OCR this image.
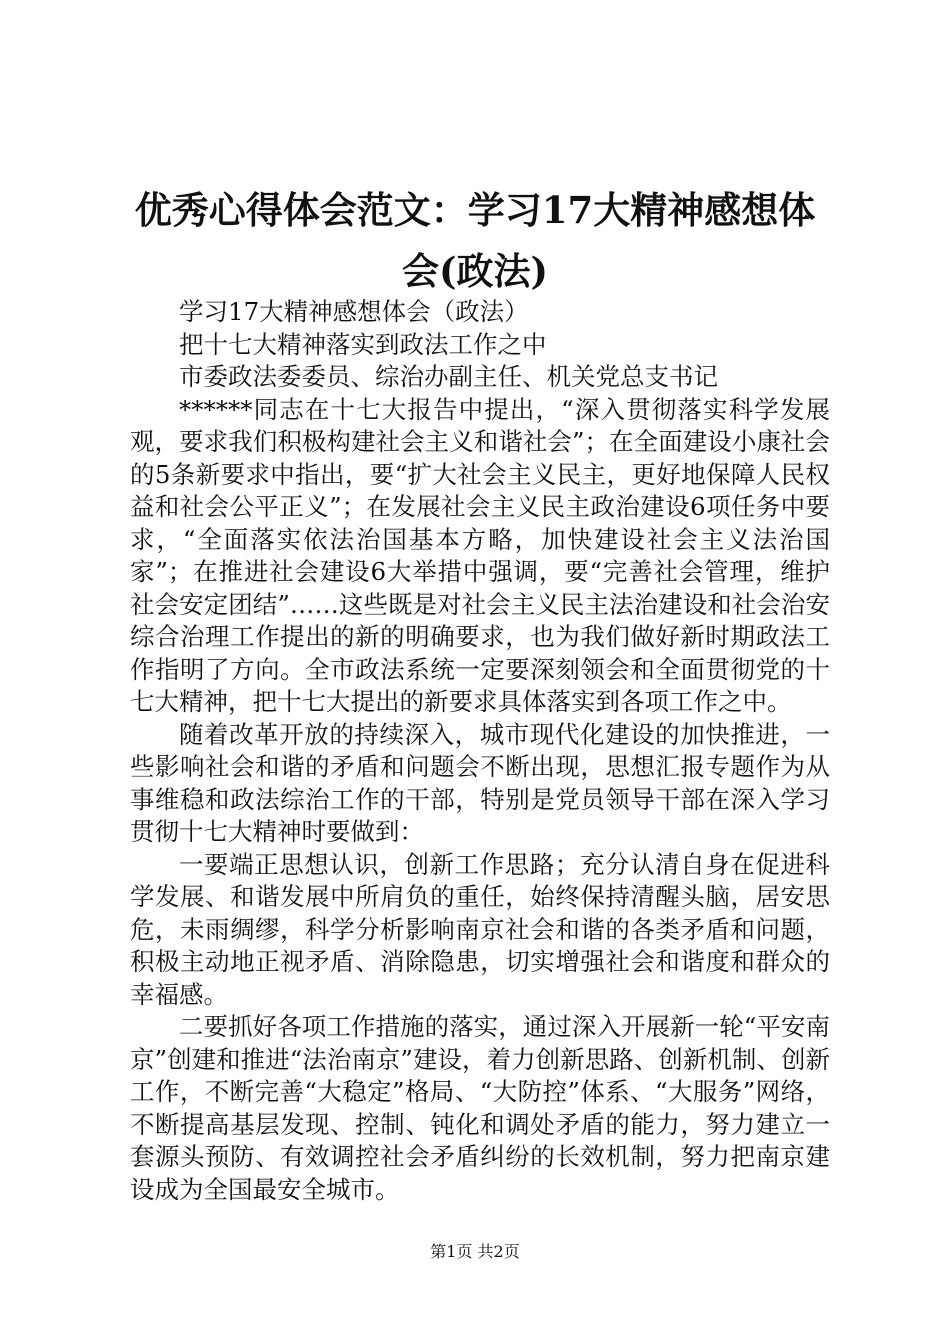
优秀心得体会范文：学习17大精神感想体会(政法)

学习17大精神感想体会（政法）

把十七大精神落实到政法工作之中

市委政法委委员、综治办副主任、机关党总支书记

******同志在十七大报告中提出，“深入贯彻落实科学发展观，要求我们积极构建社会主义和谐社会”；在全面建设小康社会的5条新要求中指出，要“扩大社会主义民主，更好地保障人民权益和社会公平正义”；在发展社会主义民主政治建设6项任务中要求，“全面落实依法治国基本方略，加快建设社会主义法治国家”；在推进社会建设6大举措中强调，要“完善社会管理，维护社会安定团结”……这些既是对社会主义民主法治建设和社会治安综合治理工作提出的新的明确要求，也为我们做好新时期政法工作指明了方向。全市政法系统一定要深刻领会和全面贯彻党的十七大精神，把十七大提出的新要求具体落实到各项工作之中。

随着改革开放的持续深入，城市现代化建设的加快推进，一些影响社会和谐的矛盾和问题会不断出现，思想汇报专题作为从事维稳和政法综治工作的干部，特别是党员领导干部在深入学习贯彻十七大精神时要做到：

一要端正思想认识，创新工作思路；充分认清自身在促进科学发展、和谐发展中所肩负的重任，始终保持清醒头脑，居安思危，未雨绸缪，科学分析影响南京社会和谐的各类矛盾和问题，积极主动地正视矛盾、消除隐患，切实增强社会和谐度和群众的幸福感。

二要抓好各项工作措施的落实，通过深入开展新一轮“平安南京”创建和推进“法治南京”建设，着力创新思路、创新机制、创新工作，不断完善“大稳定”格局、“大防控”体系、“大服务”网络，不断提高基层发现、控制、钝化和调处矛盾的能力，努力建立一套源头预防、有效调控社会矛盾纠纷的长效机制，努力把南京建设成为全国最安全城市。

第1页 共2页
